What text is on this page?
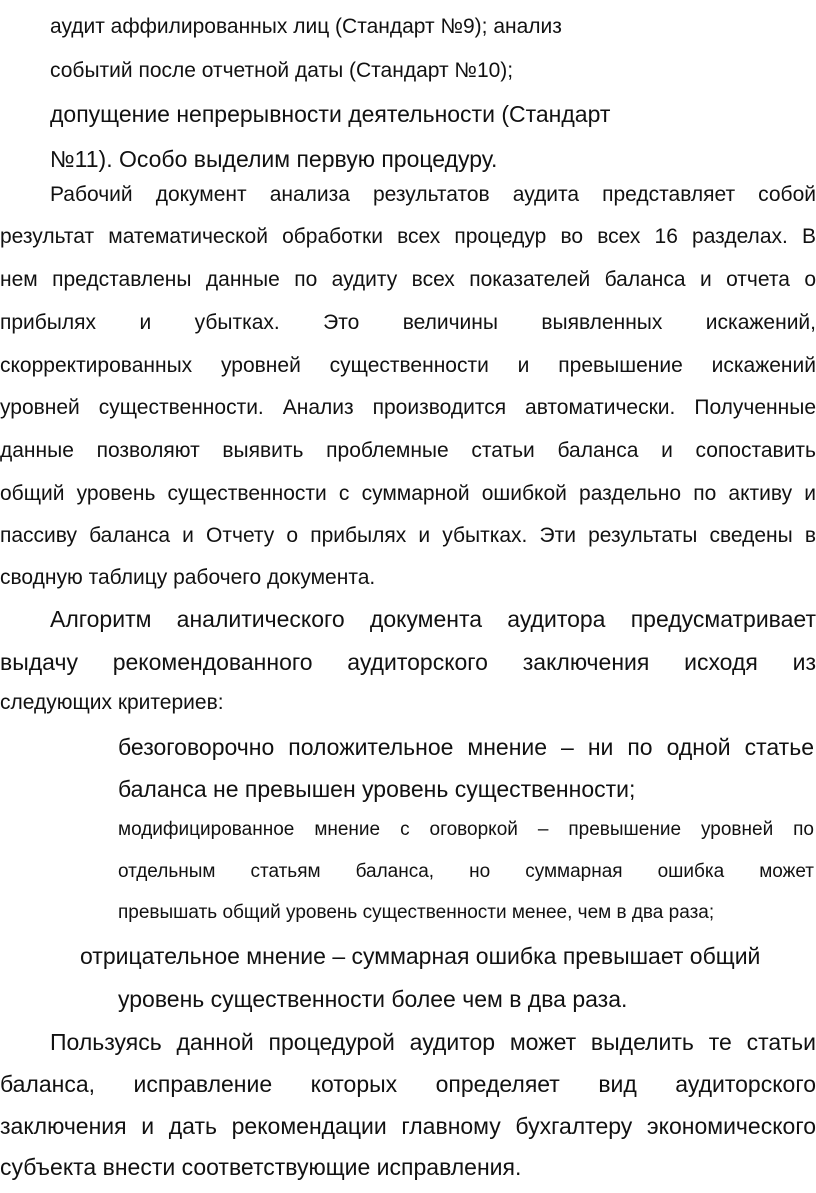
аудит аффилированных лиц (Стандарт №9); анализ
событий после отчетной даты (Стандарт №10);
допущение непрерывности деятельности (Стандарт
№11). Особо выделим первую процедуру.
Рабочий документ анализа результатов аудита представляет собой
результат математической обработки всех процедур во всех 16 разделах. В
нем представлены данные по аудиту всех показателей баланса и отчета о
прибылях и убытках. Это величины выявленных искажений,
скорректированных уровней существенности и превышение искажений
уровней существенности. Анализ производится автоматически. Полученные
данные позволяют выявить проблемные статьи баланса и сопоставить
общий уровень существенности с суммарной ошибкой раздельно по активу и
пассиву баланса и Отчету о прибылях и убытках. Эти результаты сведены в
сводную таблицу рабочего документа.
Алгоритм аналитического документа аудитора предусматривает
выдачу рекомендованного аудиторского заключения исходя из
следующих критериев:
безоговорочно положительное мнение – ни по одной статье
баланса не превышен уровень существенности;
модифицированное мнение с оговоркой – превышение уровней по
отдельным статьям баланса, но суммарная ошибка может
превышать общий уровень существенности менее, чем в два раза;
отрицательное мнение – суммарная ошибка превышает общий
уровень существенности более чем в два раза.
Пользуясь данной процедурой аудитор может выделить те статьи
баланса, исправление которых определяет вид аудиторского
заключения и дать рекомендации главному бухгалтеру экономического
субъекта внести соответствующие исправления.
